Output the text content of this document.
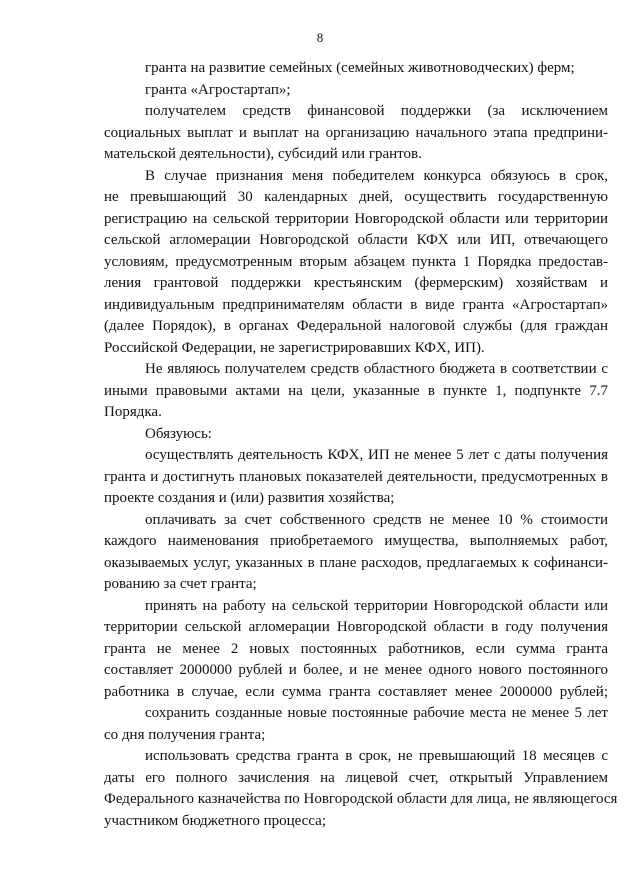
8
гранта на развитие семейных (семейных животноводческих) ферм;
гранта «Агростартап»;
получателем средств финансовой поддержки (за исключением
социальных выплат и выплат на организацию начального этапа предприни-
мательской деятельности), субсидий или грантов.
В случае признания меня победителем конкурса обязуюсь в срок,
не превышающий 30 календарных дней, осуществить государственную
регистрацию на сельской территории Новгородской области или территории
сельской агломерации Новгородской области КФХ или ИП, отвечающего
условиям, предусмотренным вторым абзацем пункта 1 Порядка предостав-
ления грантовой поддержки крестьянским (фермерским) хозяйствам и
индивидуальным предпринимателям области в виде гранта «Агростартап»
(далее Порядок), в органах Федеральной налоговой службы (для граждан
Российской Федерации, не зарегистрировавших КФХ, ИП).
Не являюсь получателем средств областного бюджета в соответствии с
иными правовыми актами на цели, указанные в пункте 1, подпункте 7.7
Порядка.
Обязуюсь:
осуществлять деятельность КФХ, ИП не менее 5 лет с даты получения
гранта и достигнуть плановых показателей деятельности, предусмотренных в
проекте создания и (или) развития хозяйства;
оплачивать за счет собственного средств не менее 10 % стоимости
каждого наименования приобретаемого имущества, выполняемых работ,
оказываемых услуг, указанных в плане расходов, предлагаемых к софинанси-
рованию за счет гранта;
принять на работу на сельской территории Новгородской области или
территории сельской агломерации Новгородской области в году получения
гранта не менее 2 новых постоянных работников, если сумма гранта
составляет 2000000 рублей и более, и не менее одного нового постоянного
работника в случае, если сумма гранта составляет менее 2000000 рублей;
сохранить созданные новые постоянные рабочие места не менее 5 лет
со дня получения гранта;
использовать средства гранта в срок, не превышающий 18 месяцев с
даты его полного зачисления на лицевой счет, открытый Управлением
Федерального казначейства по Новгородской области для лица, не являющегося
участником бюджетного процесса;
